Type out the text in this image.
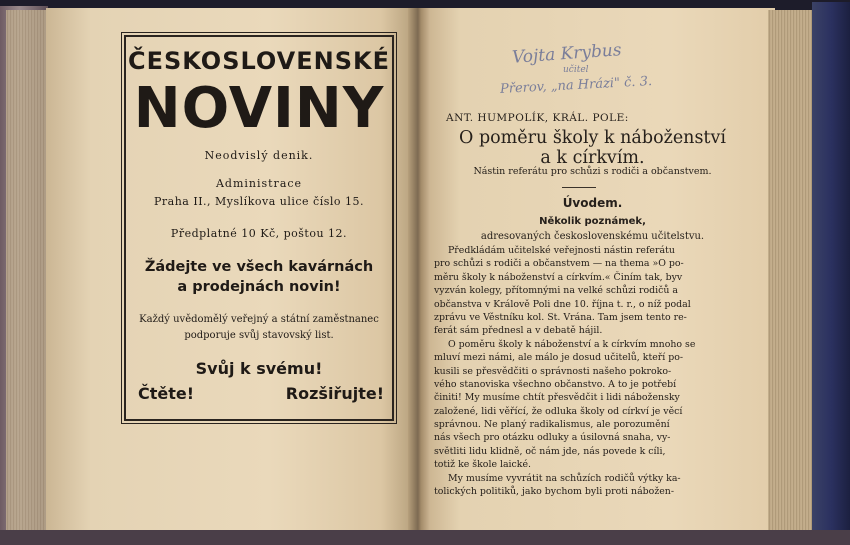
ČESKOSLOVENSKÉ
NOVINY
Neodvislý denik.
Administrace
Praha II., Myslíkova ulice číslo 15.
Předplatné 10 Kč, poštou 12.
Žádejte ve všech kavárnách
a prodejnách novin!
Každý uvědomělý veřejný a státní zaměstnanec
podporuje svůj stavovský list.
Svůj k svému!
Čtěte!	Rozšiřujte!
Vojta Krybus
učitel
Přerov, „na Hrázi" č. 3.
ANT. HUMPOLÍK, KRÁL. POLE:
O poměru školy k náboženství
a k církvím.
Nástin referátu pro schůzi s rodiči a občanstvem.
Úvodem.
Několik poznámek,
adresovaných československému učitelstvu.
Předkládám učitelské veřejnosti nástin referátu
pro schůzi s rodiči a občanstvem — na thema »O po-
měru školy k náboženství a církvím.« Činím tak, byv
vyzván kolegy, přítomnými na velké schůzi rodičů a
občanstva v Králově Poli dne 10. října t. r., o níž podal
zprávu ve Věstníku kol. St. Vrána. Tam jsem tento re-
ferát sám přednesl a v debatě hájil.
O poměru školy k náboženství a k církvím mnoho se
mluví mezi námi, ale málo je dosud učitelů, kteří po-
kusili se přesvědčiti o správnosti našeho pokroko-
vého stanoviska všechno občanstvo. A to je potřebí
činiti! My musíme chtít přesvědčit i lidi nábožensky
založené, lidi věřící, že odluka školy od církví je věcí
správnou. Ne planý radikalismus, ale porozumění
nás všech pro otázku odluky a úsilovná snaha, vy-
světliti lidu klidně, oč nám jde, nás povede k cíli,
totiž ke škole laické.
My musíme vyvrátit na schůzích rodičů výtky ka-
tolických politiků, jako bychom byli proti nábožen-
